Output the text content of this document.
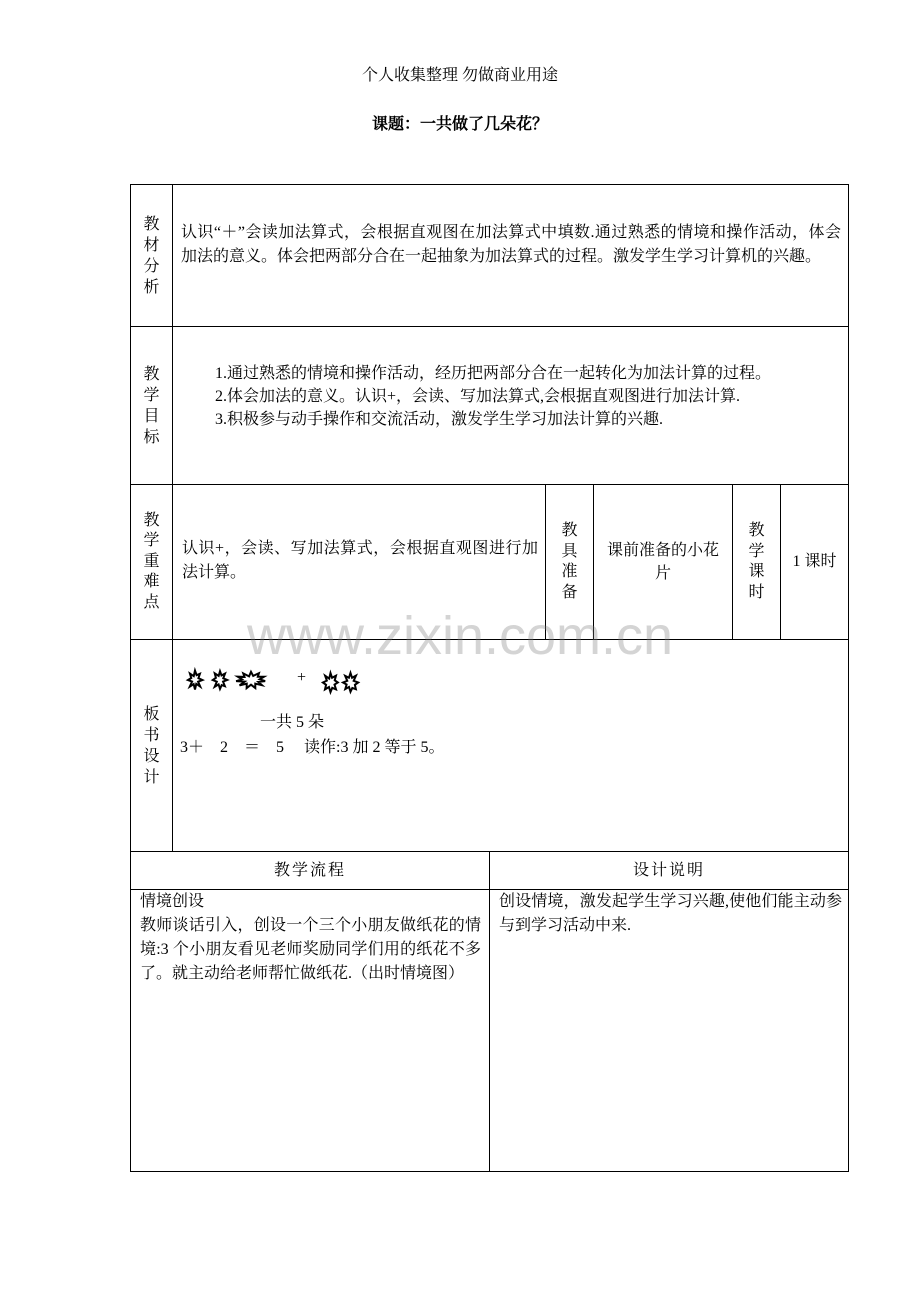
个人收集整理 勿做商业用途
课题：一共做了几朵花？
教材分析
认识“＋”会读加法算式，会根据直观图在加法算式中填数.通过熟悉的情境和操作活动，体会
加法的意义。体会把两部分合在一起抽象为加法算式的过程。激发学生学习计算机的兴趣。
教学目标
1.通过熟悉的情境和操作活动，经历把两部分合在一起转化为加法计算的过程。
2.体会加法的意义。认识+，会读、写加法算式,会根据直观图进行加法计算.
3.积极参与动手操作和交流活动，激发学生学习加法计算的兴趣.
教学重难点
认识+，会读、写加法算式，会根据直观图进行加
法计算。
教具准备
课前准备的小花片
教学课时
1 课时
板书设计
+
一共 5 朵
3＋　2　＝　5　 读作:3 加 2 等于 5。
教学流程	设计说明
情境创设
教师谈话引入，创设一个三个小朋友做纸花的情
境:3 个小朋友看见老师奖励同学们用的纸花不多
了。就主动给老师帮忙做纸花.（出时情境图）
创设情境，激发起学生学习兴趣,使他们能主动参
与到学习活动中来.
www.zixin.com.cn
